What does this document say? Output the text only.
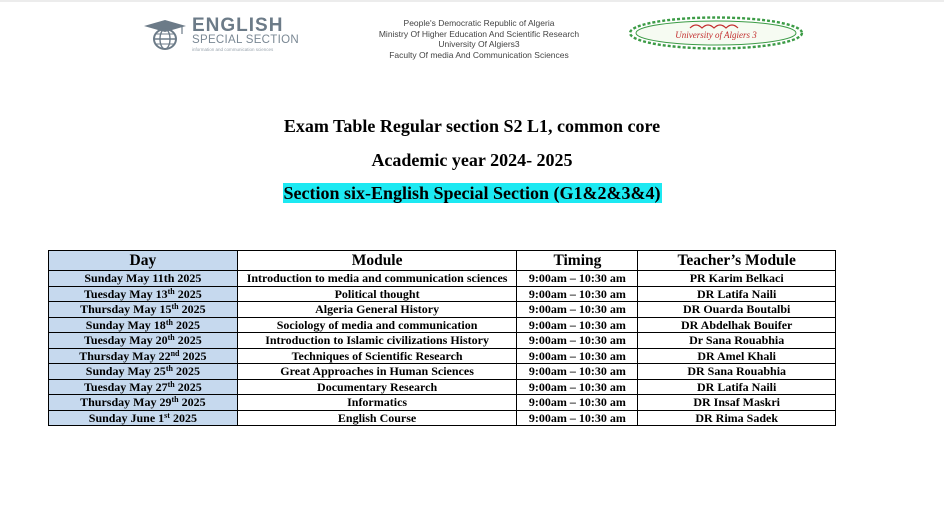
ENGLISH
SPECIAL SECTION
information and communication sciences
People's Democratic Republic of Algeria
Ministry Of Higher Education And Scientific Research
University Of Algiers3
Faculty Of media And Communication Sciences
University of Algiers 3
Exam Table Regular section S2 L1, common core
Academic year 2024- 2025
Section six-English Special Section (G1&2&3&4)
Day	Module	Timing	Teacher’s Module
Sunday May 11th 2025	Introduction to media and communication sciences	9:00am – 10:30 am	PR Karim Belkaci
Tuesday May 13th 2025	Political thought	9:00am – 10:30 am	DR Latifa Naili
Thursday May 15th 2025	Algeria General History	9:00am – 10:30 am	DR Ouarda Boutalbi
Sunday May 18th 2025	Sociology of media and communication	9:00am – 10:30 am	DR Abdelhak Bouifer
Tuesday May 20th 2025	Introduction to Islamic civilizations History	9:00am – 10:30 am	Dr Sana Rouabhia
Thursday May 22nd 2025	Techniques of Scientific Research	9:00am – 10:30 am	DR Amel Khali
Sunday May 25th 2025	Great Approaches in Human Sciences	9:00am – 10:30 am	DR Sana Rouabhia
Tuesday May 27th 2025	Documentary Research	9:00am – 10:30 am	DR Latifa Naili
Thursday May 29th 2025	Informatics	9:00am – 10:30 am	DR Insaf Maskri
Sunday June 1st 2025	English Course	9:00am – 10:30 am	DR Rima Sadek
